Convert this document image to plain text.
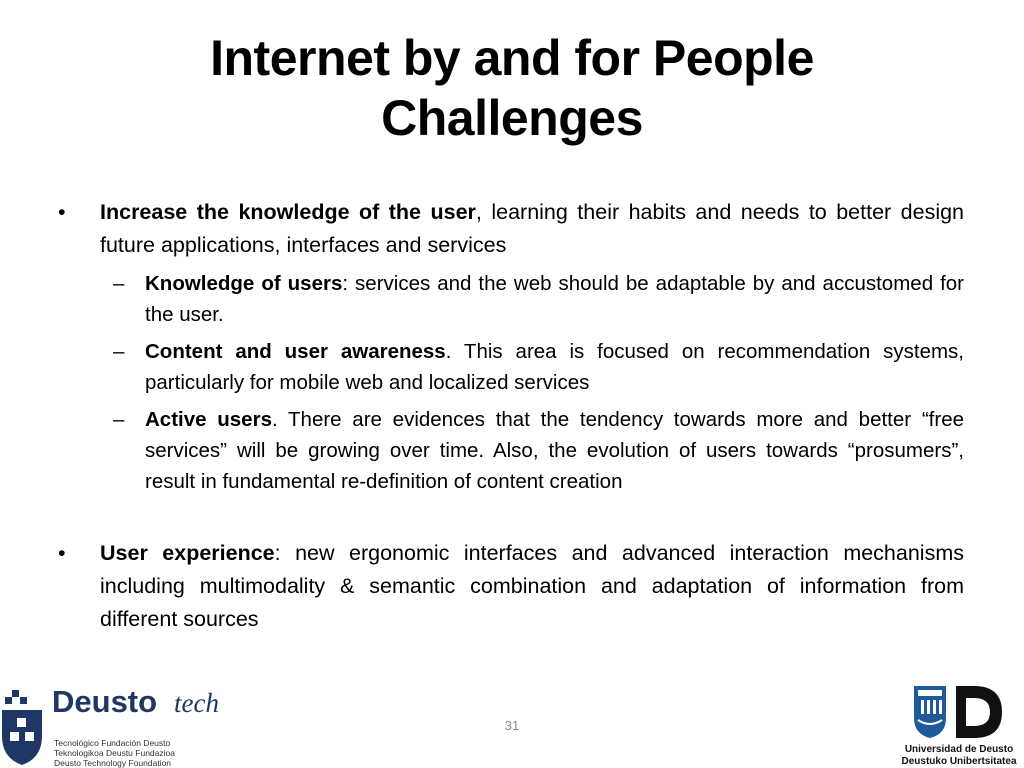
Internet by and for People
Challenges

• Increase the knowledge of the user, learning their habits and needs to better design future applications, interfaces and services

– Knowledge of users: services and the web should be adaptable by and accustomed for the user.

– Content and user awareness. This area is focused on recommendation systems, particularly for mobile web and localized services

– Active users. There are evidences that the tendency towards more and better “free services” will be growing over time. Also, the evolution of users towards “prosumers”, result in fundamental re-definition of content creation

• User experience: new ergonomic interfaces and advanced interaction mechanisms including multimodality & semantic combination and adaptation of information from different sources

31
Deusto tech
Tecnológico Fundación Deusto
Teknologikoa Deustu Fundazioa
Deusto Technology Foundation
Universidad de Deusto
Deustuko Unibertsitatea
